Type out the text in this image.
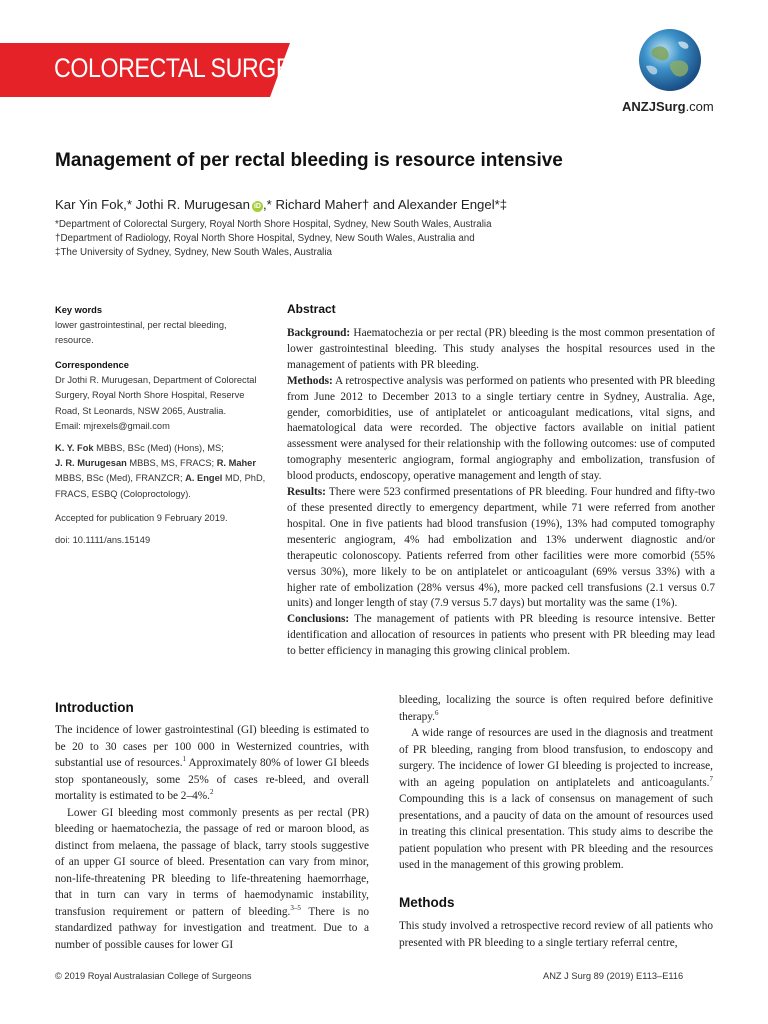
COLORECTAL SURGERY
ANZJSurg.com
Management of per rectal bleeding is resource intensive
Kar Yin Fok,* Jothi R. Murugesan iD ,* Richard Maher† and Alexander Engel*‡
*Department of Colorectal Surgery, Royal North Shore Hospital, Sydney, New South Wales, Australia
†Department of Radiology, Royal North Shore Hospital, Sydney, New South Wales, Australia and
‡The University of Sydney, Sydney, New South Wales, Australia
Key words
lower gastrointestinal, per rectal bleeding,
resource.
Correspondence
Dr Jothi R. Murugesan, Department of Colorectal
Surgery, Royal North Shore Hospital, Reserve
Road, St Leonards, NSW 2065, Australia.
Email: mjrexels@gmail.com
K. Y. Fok MBBS, BSc (Med) (Hons), MS;
J. R. Murugesan MBBS, MS, FRACS; R. Maher
MBBS, BSc (Med), FRANZCR; A. Engel MD, PhD,
FRACS, ESBQ (Coloproctology).
Accepted for publication 9 February 2019.
doi: 10.1111/ans.15149
Abstract

Background: Haematochezia or per rectal (PR) bleeding is the most common presentation of lower gastrointestinal bleeding. This study analyses the hospital resources used in the management of patients with PR bleeding.

Methods: A retrospective analysis was performed on patients who presented with PR bleeding from June 2012 to December 2013 to a single tertiary centre in Sydney, Australia. Age, gender, comorbidities, use of antiplatelet or anticoagulant medications, vital signs, and haematological data were recorded. The objective factors available on initial patient assessment were analysed for their relationship with the following outcomes: use of computed tomography mesenteric angiogram, formal angiography and embolization, transfusion of blood products, endoscopy, operative management and length of stay.

Results: There were 523 confirmed presentations of PR bleeding. Four hundred and fifty-two of these presented directly to emergency department, while 71 were referred from another hospital. One in five patients had blood transfusion (19%), 13% had computed tomography mesenteric angiogram, 4% had embolization and 13% underwent diagnostic and/or therapeutic colonoscopy. Patients referred from other facilities were more comorbid (55% versus 30%), more likely to be on antiplatelet or anticoagulant (69% versus 33%) with a higher rate of embolization (28% versus 4%), more packed cell transfusions (2.1 versus 0.7 units) and longer length of stay (7.9 versus 5.7 days) but mortality was the same (1%).

Conclusions: The management of patients with PR bleeding is resource intensive. Better identification and allocation of resources in patients who present with PR bleeding may lead to better efficiency in managing this growing clinical problem.

Introduction

The incidence of lower gastrointestinal (GI) bleeding is estimated to be 20 to 30 cases per 100 000 in Westernized countries, with substantial use of resources.$^1$ Approximately 80% of lower GI bleeds stop spontaneously, some 25% of cases re-bleed, and overall mortality is estimated to be 2–4%.$^2$

Lower GI bleeding most commonly presents as per rectal (PR) bleeding or haematochezia, the passage of red or maroon blood, as distinct from melaena, the passage of black, tarry stools suggestive of an upper GI source of bleed. Presentation can vary from minor, non-life-threatening PR bleeding to life-threatening haemorrhage, that in turn can vary in terms of haemodynamic instability, transfusion requirement or pattern of bleeding.$^{3-5}$ There is no standardized pathway for investigation and treatment. Due to a number of possible causes for lower GI

bleeding, localizing the source is often required before definitive therapy.$^6$

A wide range of resources are used in the diagnosis and treatment of PR bleeding, ranging from blood transfusion, to endoscopy and surgery. The incidence of lower GI bleeding is projected to increase, with an ageing population on antiplatelets and anticoagulants.$^7$ Compounding this is a lack of consensus on management of such presentations, and a paucity of data on the amount of resources used in treating this clinical presentation. This study aims to describe the patient population who present with PR bleeding and the resources used in the management of this growing problem.

Methods

This study involved a retrospective record review of all patients who presented with PR bleeding to a single tertiary referral centre,

© 2019 Royal Australasian College of Surgeons	ANZ J Surg 89 (2019) E113–E116
